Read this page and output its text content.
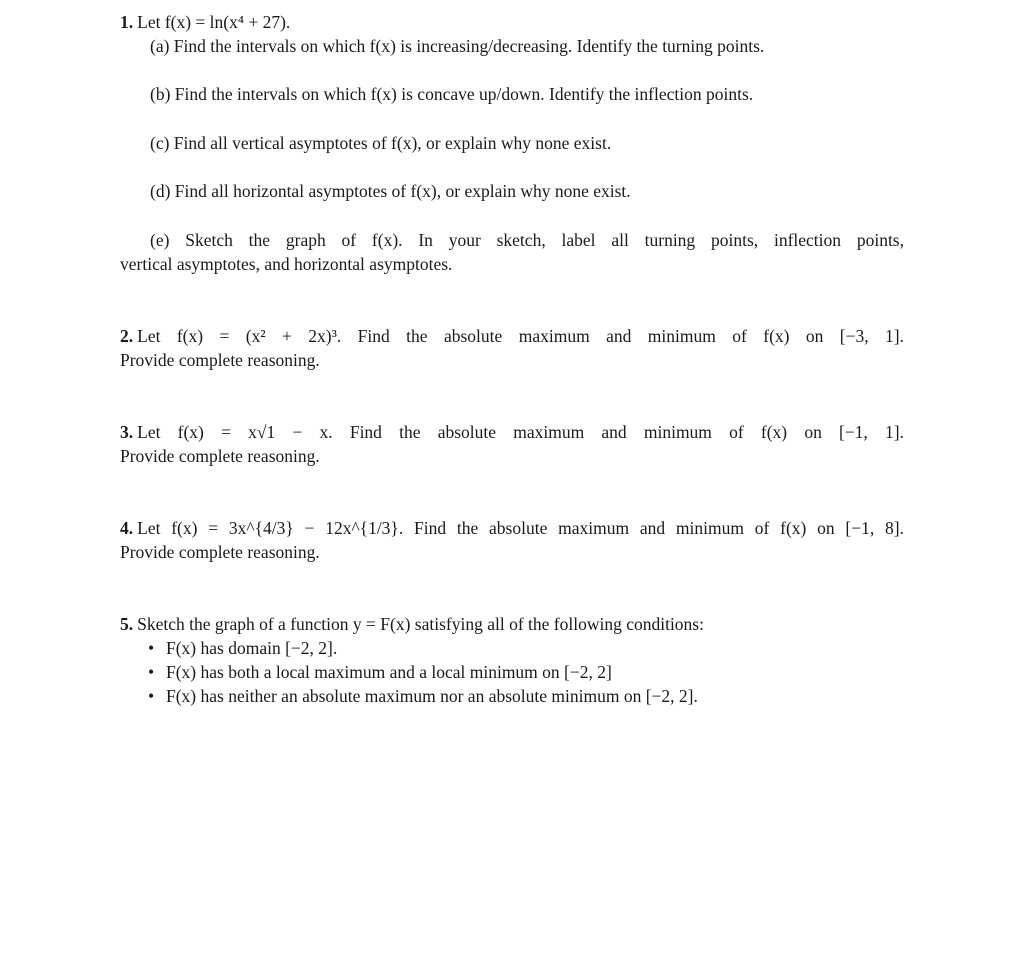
1. Let f(x) = ln(x⁴ + 27).
(a) Find the intervals on which f(x) is increasing/decreasing. Identify the turning points.
(b) Find the intervals on which f(x) is concave up/down. Identify the inflection points.
(c) Find all vertical asymptotes of f(x), or explain why none exist.
(d) Find all horizontal asymptotes of f(x), or explain why none exist.
(e) Sketch the graph of f(x). In your sketch, label all turning points, inflection points,
vertical asymptotes, and horizontal asymptotes.
2. Let f(x) = (x² + 2x)³. Find the absolute maximum and minimum of f(x) on [−3, 1].
Provide complete reasoning.
3. Let f(x) = x√1 − x. Find the absolute maximum and minimum of f(x) on [−1, 1].
Provide complete reasoning.
4. Let f(x) = 3x^{4/3} − 12x^{1/3}. Find the absolute maximum and minimum of f(x) on [−1, 8].
Provide complete reasoning.
5. Sketch the graph of a function y = F(x) satisfying all of the following conditions:
• F(x) has domain [−2, 2].
• F(x) has both a local maximum and a local minimum on [−2, 2]
• F(x) has neither an absolute maximum nor an absolute minimum on [−2, 2].
